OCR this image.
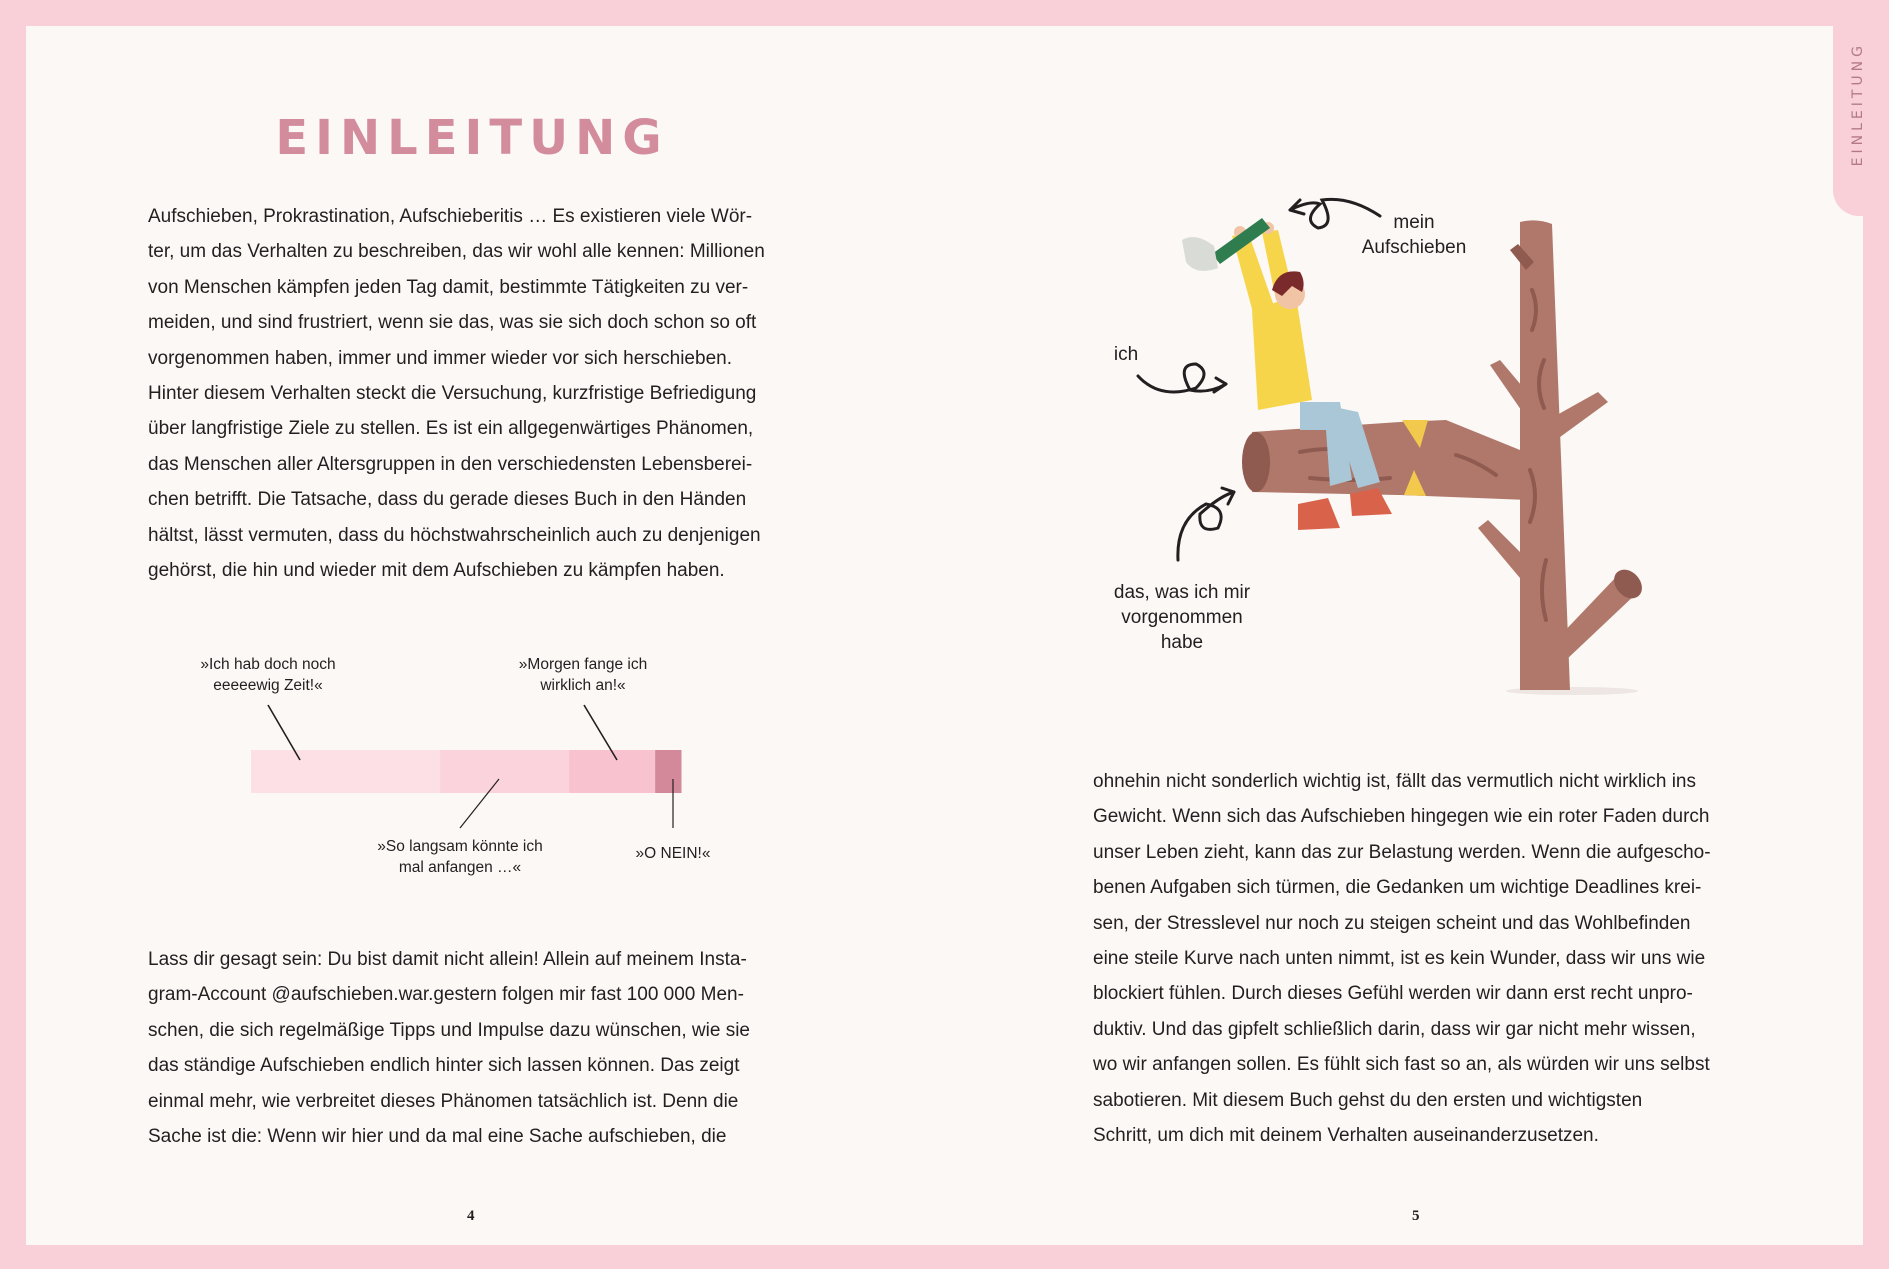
EINLEITUNG
EINLEITUNG
Aufschieben, Prokrastination, Aufschieberitis … Es existieren viele Wör-
ter, um das Verhalten zu beschreiben, das wir wohl alle kennen: Millionen
von Menschen kämpfen jeden Tag damit, bestimmte Tätigkeiten zu ver-
meiden, und sind frustriert, wenn sie das, was sie sich doch schon so oft
vorgenommen haben, immer und immer wieder vor sich herschieben.
Hinter diesem Verhalten steckt die Versuchung, kurzfristige Befriedigung
über langfristige Ziele zu stellen. Es ist ein allgegenwärtiges Phänomen,
das Menschen aller Altersgruppen in den verschiedensten Lebensberei-
chen betrifft. Die Tatsache, dass du gerade dieses Buch in den Händen
hältst, lässt vermuten, dass du höchstwahrscheinlich auch zu denjenigen
gehörst, die hin und wieder mit dem Aufschieben zu kämpfen haben.
»Ich hab doch noch
eeeeewig Zeit!«
»Morgen fange ich
wirklich an!«
»So langsam könnte ich
mal anfangen …«
»O NEIN!«
Lass dir gesagt sein: Du bist damit nicht allein! Allein auf meinem Insta-
gram-Account @aufschieben.war.gestern folgen mir fast 100 000 Men-
schen, die sich regelmäßige Tipps und Impulse dazu wünschen, wie sie
das ständige Aufschieben endlich hinter sich lassen können. Das zeigt
einmal mehr, wie verbreitet dieses Phänomen tatsächlich ist. Denn die
Sache ist die: Wenn wir hier und da mal eine Sache aufschieben, die
4
mein
Aufschieben
ich
das, was ich mir
vorgenommen
habe
ohnehin nicht sonderlich wichtig ist, fällt das vermutlich nicht wirklich ins
Gewicht. Wenn sich das Aufschieben hingegen wie ein roter Faden durch
unser Leben zieht, kann das zur Belastung werden. Wenn die aufgescho-
benen Aufgaben sich türmen, die Gedanken um wichtige Deadlines krei-
sen, der Stresslevel nur noch zu steigen scheint und das Wohlbefinden
eine steile Kurve nach unten nimmt, ist es kein Wunder, dass wir uns wie
blockiert fühlen. Durch dieses Gefühl werden wir dann erst recht unpro-
duktiv. Und das gipfelt schließlich darin, dass wir gar nicht mehr wissen,
wo wir anfangen sollen. Es fühlt sich fast so an, als würden wir uns selbst
sabotieren. Mit diesem Buch gehst du den ersten und wichtigsten
Schritt, um dich mit deinem Verhalten auseinanderzusetzen.
5
